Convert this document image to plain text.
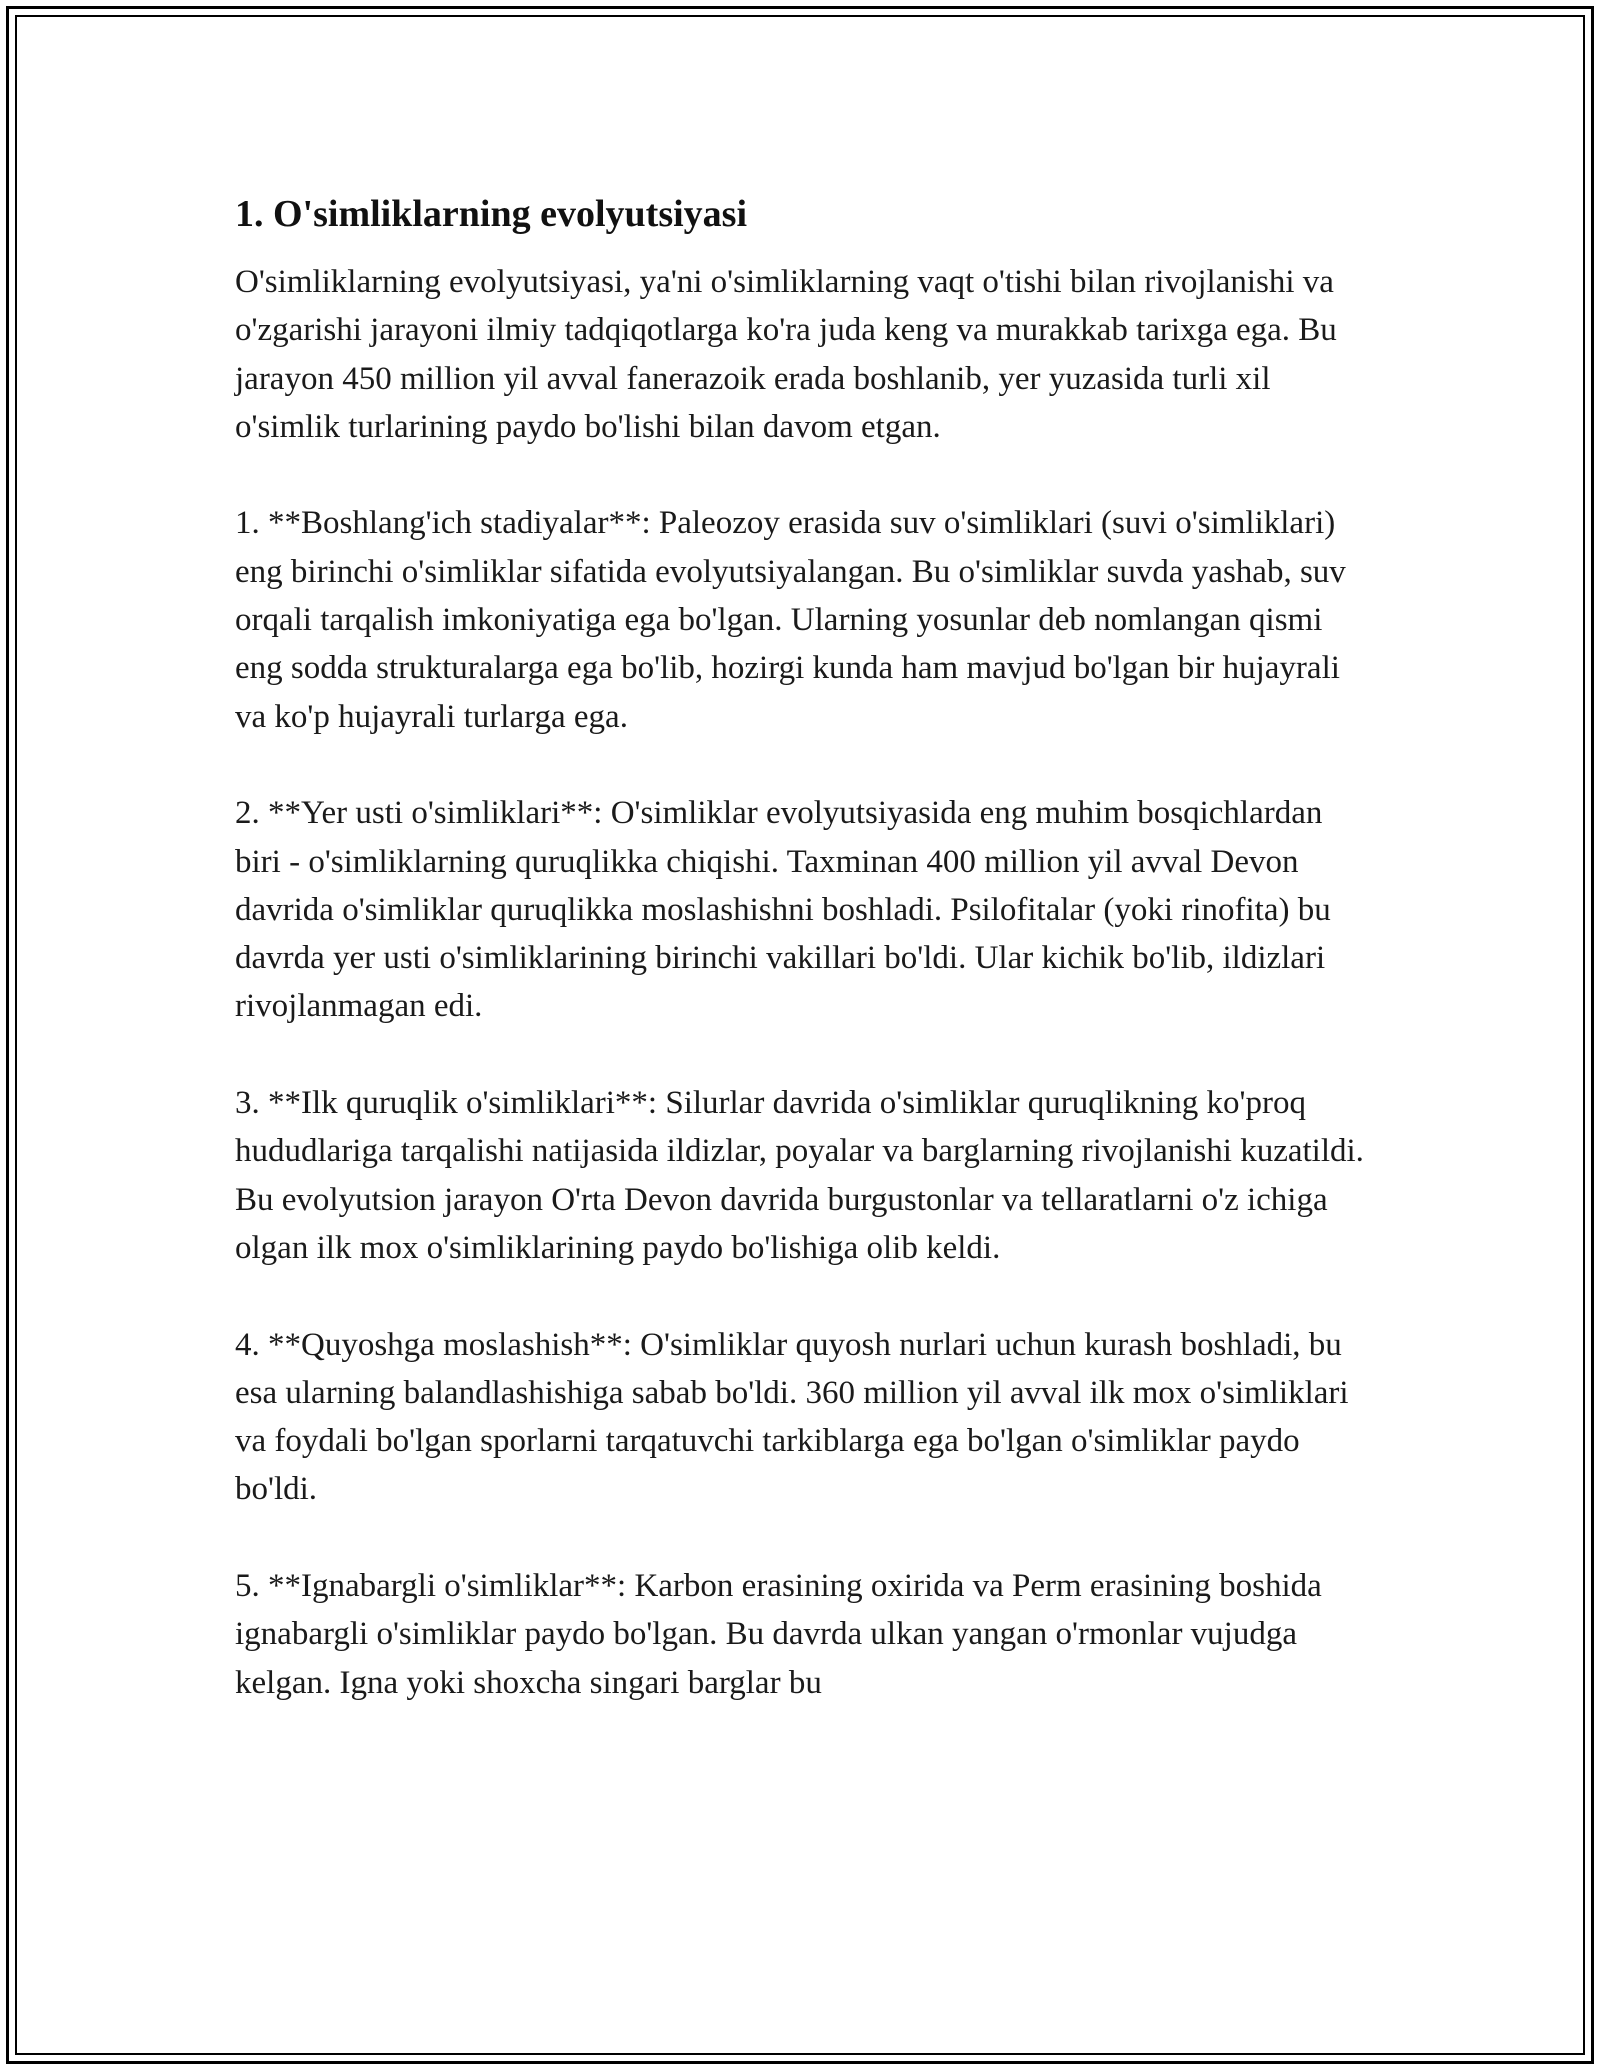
1. O'simliklarning evolyutsiyasi

O'simliklarning evolyutsiyasi, ya'ni o'simliklarning vaqt o'tishi bilan rivojlanishi va o'zgarishi jarayoni ilmiy tadqiqotlarga ko'ra juda keng va murakkab tarixga ega. Bu jarayon 450 million yil avval fanerazoik erada boshlanib, yer yuzasida turli xil o'simlik turlarining paydo bo'lishi bilan davom etgan.

1. **Boshlang'ich stadiyalar**: Paleozoy erasida suv o'simliklari (suvi o'simliklari) eng birinchi o'simliklar sifatida evolyutsiyalangan. Bu o'simliklar suvda yashab, suv orqali tarqalish imkoniyatiga ega bo'lgan. Ularning yosunlar deb nomlangan qismi eng sodda strukturalarga ega bo'lib, hozirgi kunda ham mavjud bo'lgan bir hujayrali va ko'p hujayrali turlarga ega.

2. **Yer usti o'simliklari**: O'simliklar evolyutsiyasida eng muhim bosqichlardan biri - o'simliklarning quruqlikka chiqishi. Taxminan 400 million yil avval Devon davrida o'simliklar quruqlikka moslashishni boshladi. Psilofitalar (yoki rinofita) bu davrda yer usti o'simliklarining birinchi vakillari bo'ldi. Ular kichik bo'lib, ildizlari rivojlanmagan edi.

3. **Ilk quruqlik o'simliklari**: Silurlar davrida o'simliklar quruqlikning ko'proq hududlariga tarqalishi natijasida ildizlar, poyalar va barglarning rivojlanishi kuzatildi. Bu evolyutsion jarayon O'rta Devon davrida burgustonlar va tellaratlarni o'z ichiga olgan ilk mox o'simliklarining paydo bo'lishiga olib keldi.

4. **Quyoshga moslashish**: O'simliklar quyosh nurlari uchun kurash boshladi, bu esa ularning balandlashishiga sabab bo'ldi. 360 million yil avval ilk mox o'simliklari va foydali bo'lgan sporlarni tarqatuvchi tarkiblarga ega bo'lgan o'simliklar paydo bo'ldi.

5. **Ignabargli o'simliklar**: Karbon erasining oxirida va Perm erasining boshida ignabargli o'simliklar paydo bo'lgan. Bu davrda ulkan yangan o'rmonlar vujudga kelgan. Igna yoki shoxcha singari barglar bu
